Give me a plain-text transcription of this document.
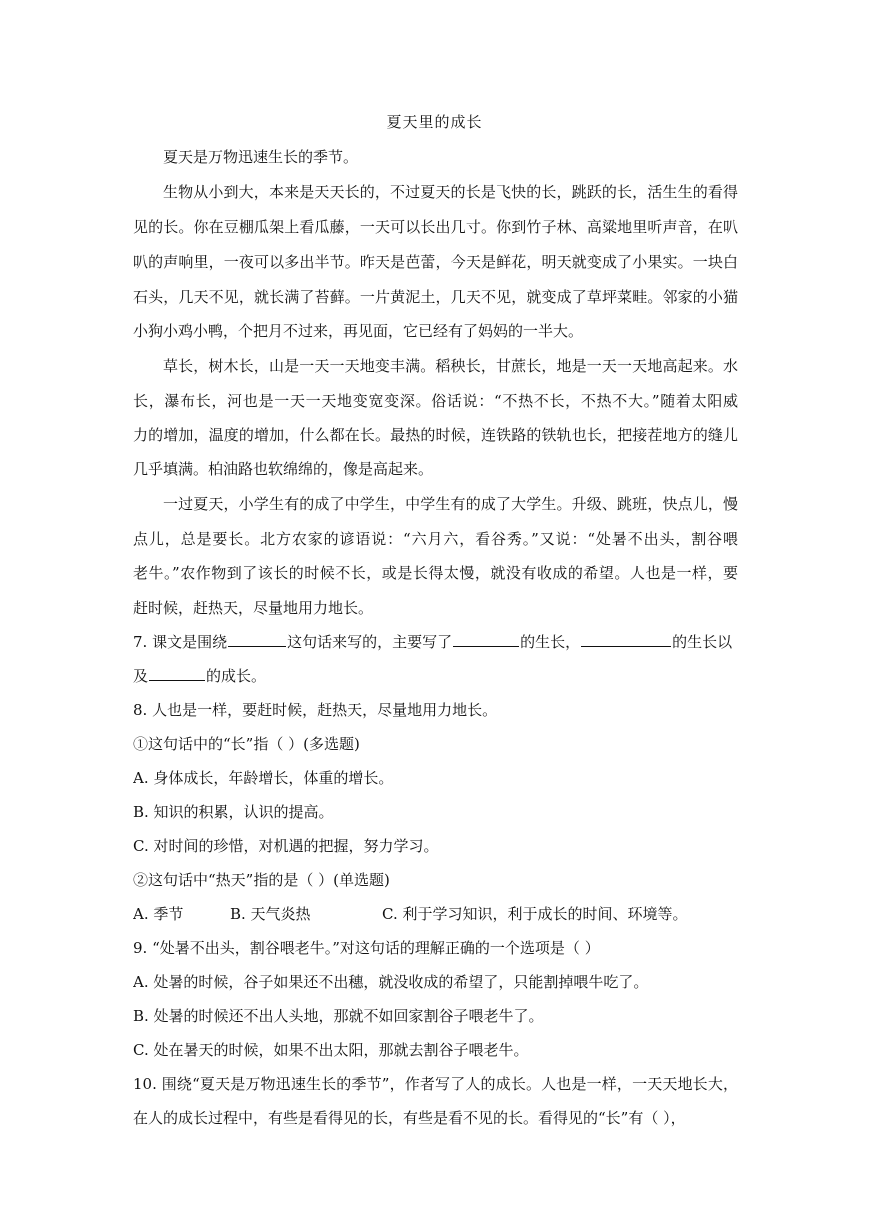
夏天里的成长
夏天是万物迅速生长的季节。
生物从小到大，本来是天天长的，不过夏天的长是飞快的长，跳跃的长，活生生的看得
见的长。你在豆棚瓜架上看瓜藤，一天可以长出几寸。你到竹子林、高粱地里听声音，在叭
叭的声响里，一夜可以多出半节。昨天是芭蕾，今天是鲜花，明天就变成了小果实。一块白
石头，几天不见，就长满了苔藓。一片黄泥土，几天不见，就变成了草坪菜畦。邻家的小猫
小狗小鸡小鸭，个把月不过来，再见面，它已经有了妈妈的一半大。
草长，树木长，山是一天一天地变丰满。稻秧长，甘蔗长，地是一天一天地高起来。水
长，瀑布长，河也是一天一天地变宽变深。俗话说：“不热不长，不热不大。”随着太阳威
力的增加，温度的增加，什么都在长。最热的时候，连铁路的铁轨也长，把接茬地方的缝儿
几乎填满。柏油路也软绵绵的，像是高起来。
一过夏天，小学生有的成了中学生，中学生有的成了大学生。升级、跳班，快点儿，慢
点儿，总是要长。北方农家的谚语说：“六月六，看谷秀。”又说：“处暑不出头，割谷喂
老牛。”农作物到了该长的时候不长，或是长得太慢，就没有收成的希望。人也是一样，要
赶时候，赶热天，尽量地用力地长。
7. 课文是围绕	这句话来写的，主要写了	的生长，	的生长以
及	的成长。
8. 人也是一样，要赶时候，赶热天，尽量地用力地长。
①这句话中的“长”指（ ）(多选题)
A. 身体成长，年龄增长，体重的增长。
B. 知识的积累，认识的提高。
C. 对时间的珍惜，对机遇的把握，努力学习。
②这句话中“热天”指的是（ ）(单选题)
A. 季节	B. 天气炎热	C. 利于学习知识，利于成长的时间、环境等。
9. “处暑不出头，割谷喂老牛。”对这句话的理解正确的一个选项是（ ）
A. 处暑的时候，谷子如果还不出穗，就没收成的希望了，只能割掉喂牛吃了。
B. 处暑的时候还不出人头地，那就不如回家割谷子喂老牛了。
C. 处在暑天的时候，如果不出太阳，那就去割谷子喂老牛。
10. 围绕“夏天是万物迅速生长的季节”，作者写了人的成长。人也是一样，一天天地长大，
在人的成长过程中，有些是看得见的长，有些是看不见的长。看得见的“长”有（ ），
